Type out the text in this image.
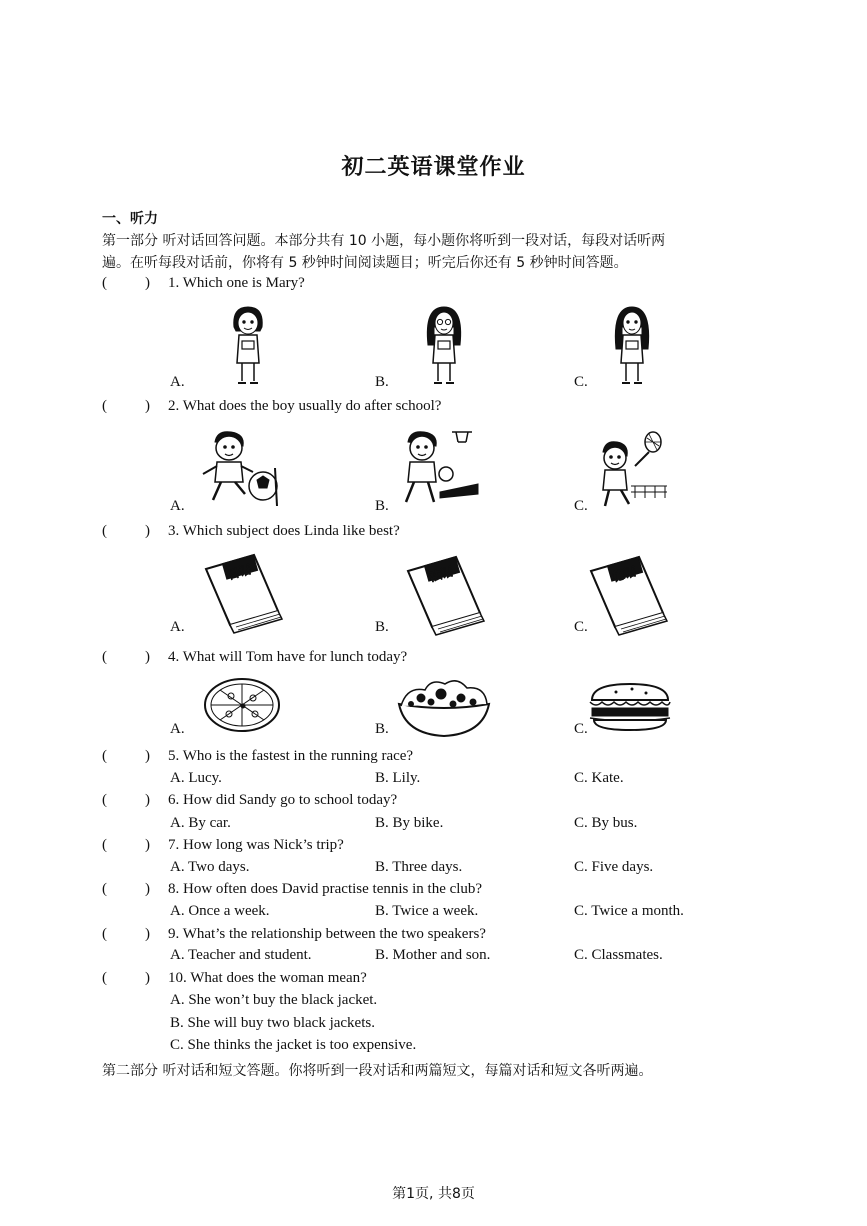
初二英语课堂作业
一、听力
第一部分 听对话回答问题。本部分共有 10 小题，每小题你将听到一段对话，每段对话听两
遍。在听每段对话前，你将有 5 秒钟时间阅读题目；听完后你还有 5 秒钟时间答题。
(	) 1. Which one is Mary?
A.	B.	C.
(	) 2. What does the boy usually do after school?
A.	B.	C.
(	) 3. Which subject does Linda like best?
A.	B.	C.
日语	法语	德语
(	) 4. What will Tom have for lunch today?
A.	B.	C.
(	) 5. Who is the fastest in the running race?
A. Lucy.	B. Lily.	C. Kate.
(	) 6. How did Sandy go to school today?
A. By car.	B. By bike.	C. By bus.
(	) 7. How long was Nick’s trip?
A. Two days.	B. Three days.	C. Five days.
(	) 8. How often does David practise tennis in the club?
A. Once a week.	B. Twice a week.	C. Twice a month.
(	) 9. What’s the relationship between the two speakers?
A. Teacher and student.	B. Mother and son.	C. Classmates.
(	) 10. What does the woman mean?
A. She won’t buy the black jacket.
B. She will buy two black jackets.
C. She thinks the jacket is too expensive.
第二部分 听对话和短文答题。你将听到一段对话和两篇短文，每篇对话和短文各听两遍。
第1页, 共8页
